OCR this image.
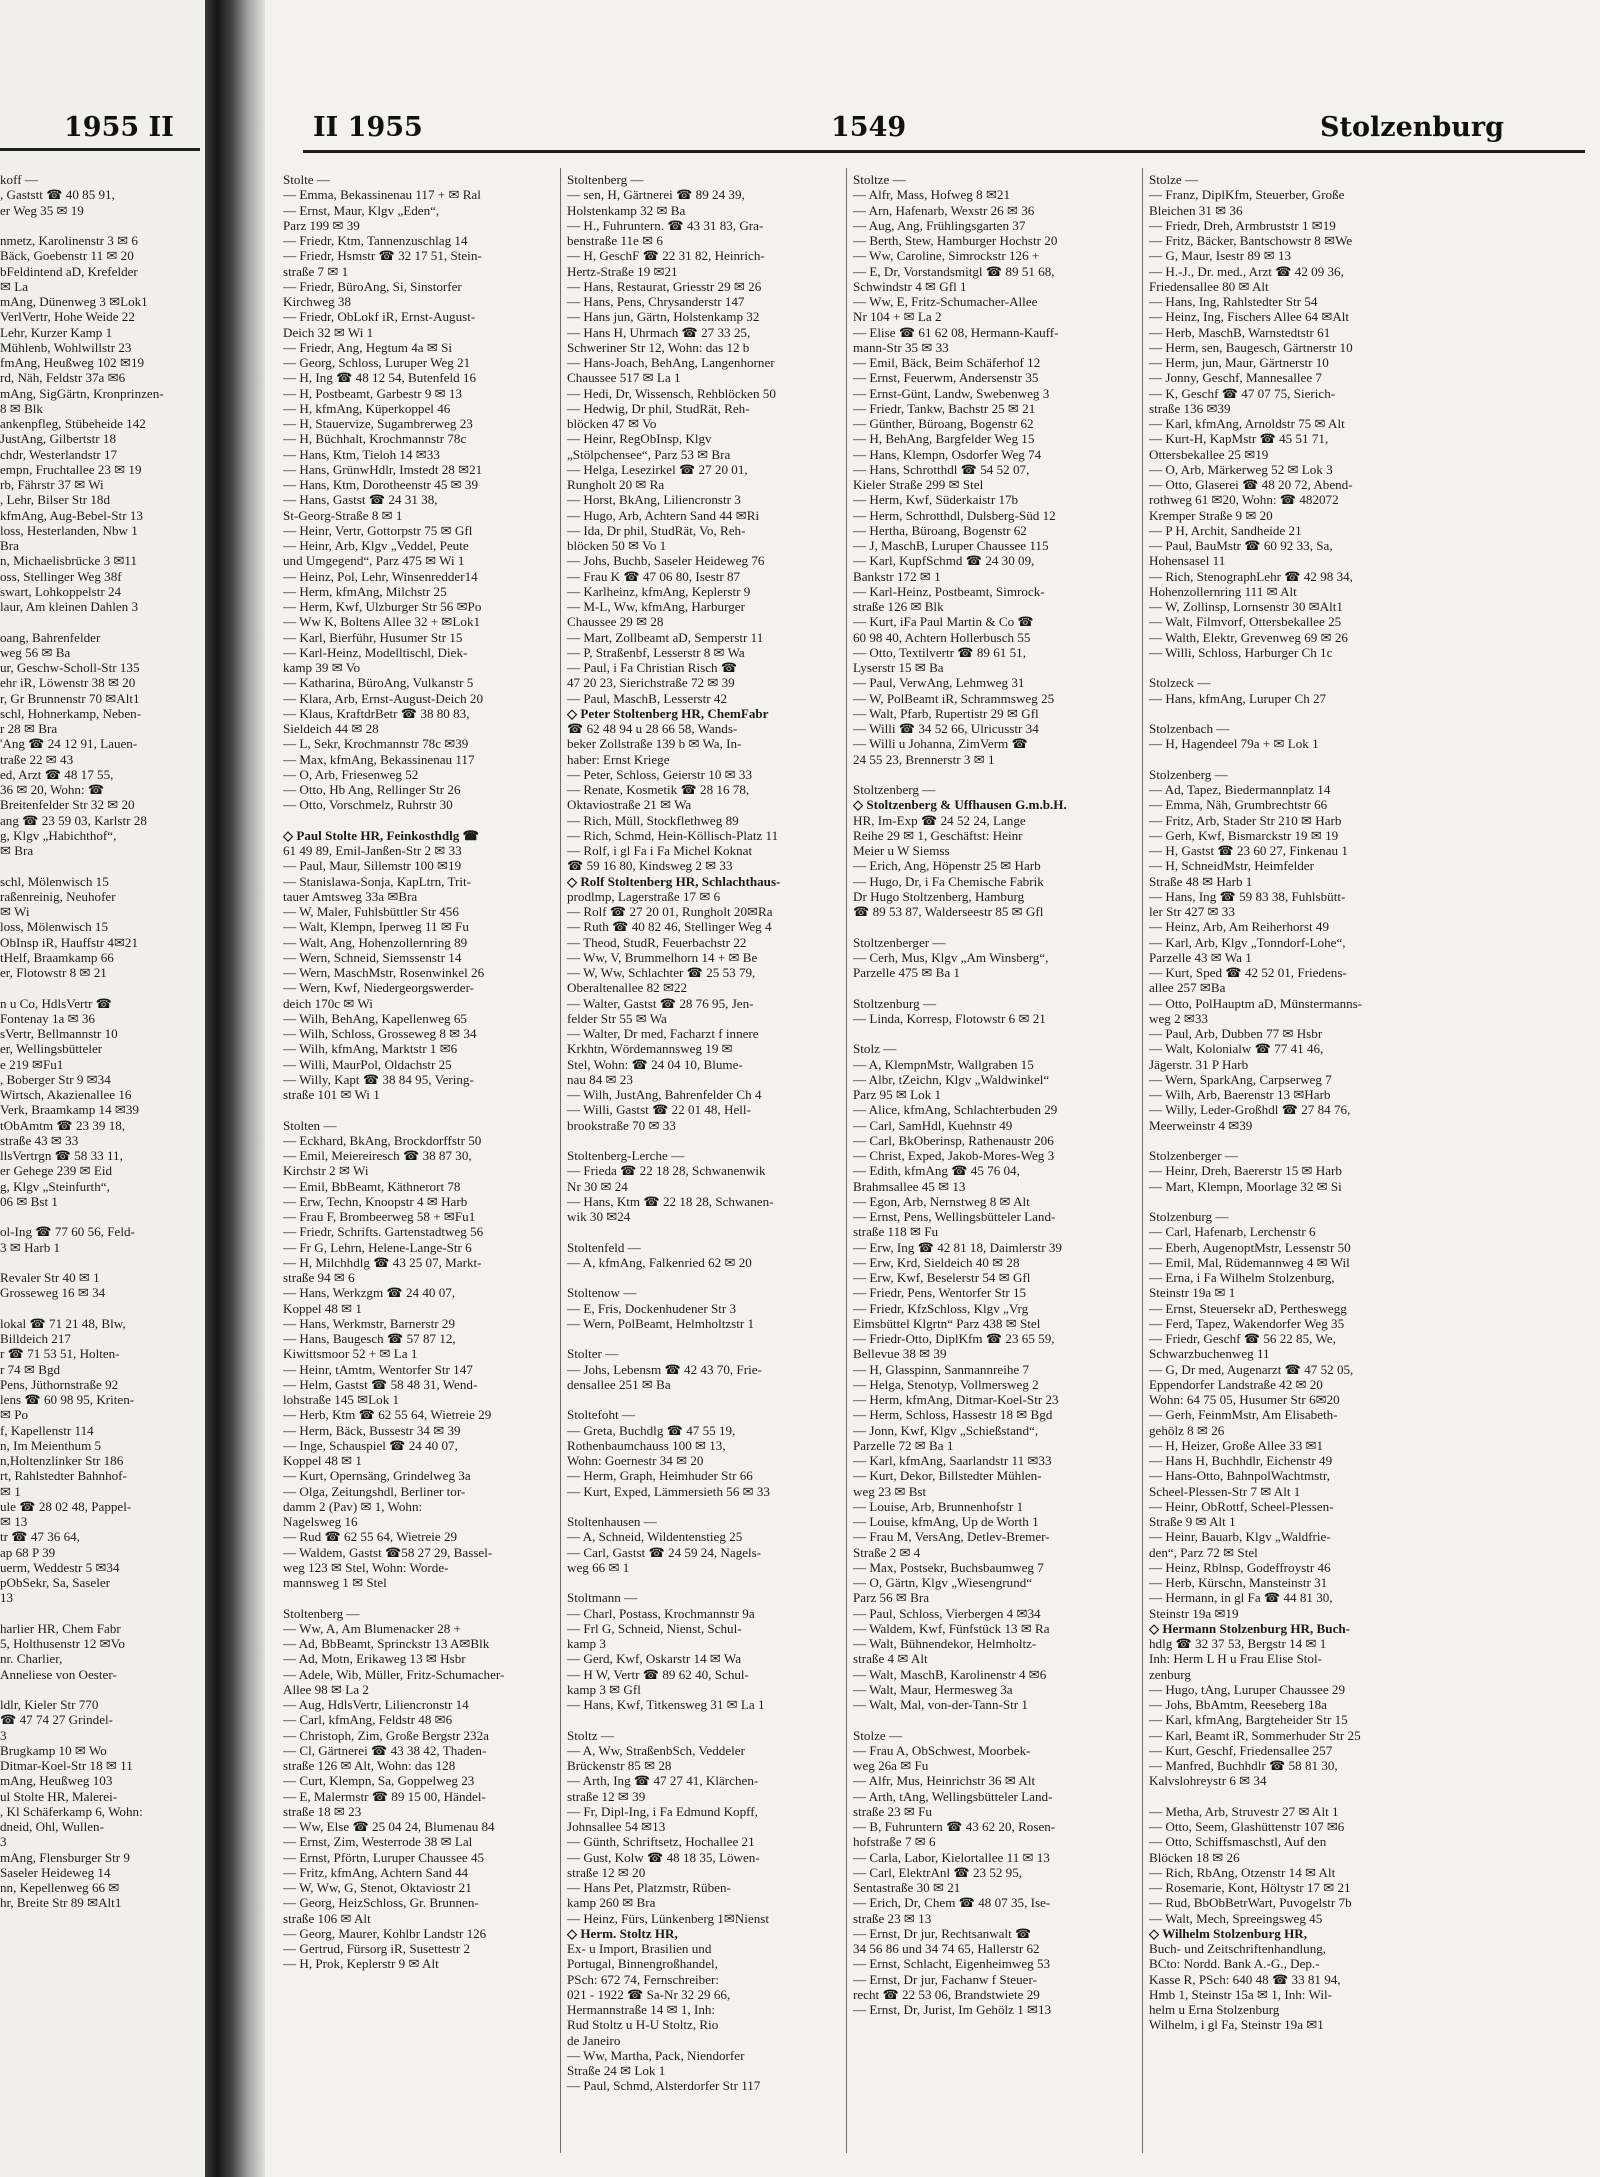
1955 II
koff —
, Gaststt ☎ 40 85 91,
er Weg 35 ✉ 19

nmetz, Karolinenstr 3 ✉ 6
Bäck, Goebenstr 11 ✉ 20
bFeldintend aD, Krefelder
✉ La
mAng, Dünenweg 3 ✉Lok1
VerlVertr, Hohe Weide 22
Lehr, Kurzer Kamp 1
Mühlenb, Wohlwillstr 23
fmAng, Heußweg 102 ✉19
rd, Näh, Feldstr 37a ✉6
mAng, SigGärtn, Kronprinzen-
8 ✉ Blk
ankenpfleg, Stübeheide 142
JustAng, Gilbertstr 18
chdr, Westerlandstr 17
empn, Fruchtallee 23 ✉ 19
rb, Fährstr 37 ✉ Wi
, Lehr, Bilser Str 18d
kfmAng, Aug-Bebel-Str 13
loss, Hesterlanden, Nbw 1
Bra
n, Michaelisbrücke 3 ✉11
oss, Stellinger Weg 38f
swart, Lohkoppelstr 24
laur, Am kleinen Dahlen 3

oang, Bahrenfelder
weg 56 ✉ Ba
ur, Geschw-Scholl-Str 135
ehr iR, Löwenstr 38 ✉ 20
r, Gr Brunnenstr 70 ✉Alt1
schl, Hohnerkamp, Neben-
r 28 ✉ Bra
'Ang ☎ 24 12 91, Lauen-
traße 22 ✉ 43
ed, Arzt ☎ 48 17 55,
36 ✉ 20, Wohn: ☎
Breitenfelder Str 32 ✉ 20
ang ☎ 23 59 03, Karlstr 28
g, Klgv „Habichthof“,
✉ Bra

schl, Mölenwisch 15
raßenreinig, Neuhofer
✉ Wi
loss, Mölenwisch 15
ObInsp iR, Hauffstr 4✉21
tHelf, Braamkamp 66
er, Flotowstr 8 ✉ 21

n u Co, HdlsVertr ☎
Fontenay 1a ✉ 36
sVertr, Bellmannstr 10
er, Wellingsbütteler
e 219 ✉Fu1
, Boberger Str 9 ✉34
Wirtsch, Akazienallee 16
Verk, Braamkamp 14 ✉39
tObAmtm ☎ 23 39 18,
straße 43 ✉ 33
llsVertrgn ☎ 58 33 11,
er Gehege 239 ✉ Eid
g, Klgv „Steinfurth“,
06 ✉ Bst 1

ol-Ing ☎ 77 60 56, Feld-
3 ✉ Harb 1

Revaler Str 40 ✉ 1
Grosseweg 16 ✉ 34

lokal ☎ 71 21 48, Blw,
Billdeich 217
r ☎ 71 53 51, Holten-
r 74 ✉ Bgd
Pens, Jüthornstraße 92
lens ☎ 60 98 95, Kriten-
✉ Po
f, Kapellenstr 114
n, Im Meienthum 5
n,Holtenzlinker Str 186
rt, Rahlstedter Bahnhof-
✉ 1
ule ☎ 28 02 48, Pappel-
✉ 13
tr ☎ 47 36 64,
ap 68 P 39
uerm, Weddestr 5 ✉34
pObSekr, Sa, Saseler
13

harlier HR, Chem Fabr
5, Holthusenstr 12 ✉Vo
nr. Charlier,
Anneliese von Oester-

ldlr, Kieler Str 770
☎ 47 74 27 Grindel-
3
Brugkamp 10 ✉ Wo
Ditmar-Koel-Str 18 ✉ 11
mAng, Heußweg 103
ul Stolte HR, Malerei-
, Kl Schäferkamp 6, Wohn:
dneid, Ohl, Wullen-
3
mAng, Flensburger Str 9
Saseler Heideweg 14
nn, Kepellenweg 66 ✉
hr, Breite Str 89 ✉Alt1
II 1955	1549	Stolzenburg
Stolte —
— Emma, Bekassinenau 117 + ✉ Ral
— Ernst, Maur, Klgv „Eden“,
Parz 199 ✉ 39
— Friedr, Ktm, Tannenzuschlag 14
— Friedr, Hsmstr ☎ 32 17 51, Stein-
straße 7 ✉ 1
— Friedr, BüroAng, Si, Sinstorfer
Kirchweg 38
— Friedr, ObLokf iR, Ernst-August-
Deich 32 ✉ Wi 1
— Friedr, Ang, Hegtum 4a ✉ Si
— Georg, Schloss, Luruper Weg 21
— H, Ing ☎ 48 12 54, Butenfeld 16
— H, Postbeamt, Garbestr 9 ✉ 13
— H, kfmAng, Küperkoppel 46
— H, Stauervize, Sugambrerweg 23
— H, Büchhalt, Krochmannstr 78c
— Hans, Ktm, Tieloh 14 ✉33
— Hans, GrünwHdlr, Imstedt 28 ✉21
— Hans, Ktm, Dorotheenstr 45 ✉ 39
— Hans, Gastst ☎ 24 31 38,
St-Georg-Straße 8 ✉ 1
— Heinr, Vertr, Gottorpstr 75 ✉ Gfl
— Heinr, Arb, Klgv „Veddel, Peute
und Umgegend“, Parz 475 ✉ Wi 1
— Heinz, Pol, Lehr, Winsenredder14
— Herm, kfmAng, Milchstr 25
— Herm, Kwf, Ulzburger Str 56 ✉Po
— Ww K, Boltens Allee 32 + ✉Lok1
— Karl, Bierführ, Husumer Str 15
— Karl-Heinz, Modelltischl, Diek-
kamp 39 ✉ Vo
— Katharina, BüroAng, Vulkanstr 5
— Klara, Arb, Ernst-August-Deich 20
— Klaus, KraftdrBetr ☎ 38 80 83,
Sieldeich 44 ✉ 28
— L, Sekr, Krochmannstr 78c ✉39
— Max, kfmAng, Bekassinenau 117
— O, Arb, Friesenweg 52
— Otto, Hb Ang, Rellinger Str 26
— Otto, Vorschmelz, Ruhrstr 30

◇ Paul Stolte HR, Feinkosthdlg ☎
61 49 89, Emil-Janßen-Str 2 ✉ 33
— Paul, Maur, Sillemstr 100 ✉19
— Stanislawa-Sonja, KapLtrn, Trit-
tauer Amtsweg 33a ✉Bra
— W, Maler, Fuhlsbüttler Str 456
— Walt, Klempn, Iperweg 11 ✉ Fu
— Walt, Ang, Hohenzollernring 89
— Wern, Schneid, Siemssenstr 14
— Wern, MaschMstr, Rosenwinkel 26
— Wern, Kwf, Niedergeorgswerder-
deich 170c ✉ Wi
— Wilh, BehAng, Kapellenweg 65
— Wilh, Schloss, Grosseweg 8 ✉ 34
— Wilh, kfmAng, Marktstr 1 ✉6
— Willi, MaurPol, Oldachstr 25
— Willy, Kapt ☎ 38 84 95, Vering-
straße 101 ✉ Wi 1

Stolten —
— Eckhard, BkAng, Brockdorffstr 50
— Emil, Meiereiresch ☎ 38 87 30,
Kirchstr 2 ✉ Wi
— Emil, BbBeamt, Käthnerort 78
— Erw, Techn, Knoopstr 4 ✉ Harb
— Frau F, Brombeerweg 58 + ✉Fu1
— Friedr, Schrifts. Gartenstadtweg 56
— Fr G, Lehrn, Helene-Lange-Str 6
— H, Milchhdlg ☎ 43 25 07, Markt-
straße 94 ✉ 6
— Hans, Werkzgm ☎ 24 40 07,
Koppel 48 ✉ 1
— Hans, Werkmstr, Barnerstr 29
— Hans, Baugesch ☎ 57 87 12,
Kiwittsmoor 52 + ✉ La 1
— Heinr, tAmtm, Wentorfer Str 147
— Helm, Gastst ☎ 58 48 31, Wend-
lohstraße 145 ✉Lok 1
— Herb, Ktm ☎ 62 55 64, Wietreie 29
— Herm, Bäck, Bussestr 34 ✉ 39
— Inge, Schauspiel ☎ 24 40 07,
Koppel 48 ✉ 1
— Kurt, Opernsäng, Grindelweg 3a
— Olga, Zeitungshdl, Berliner tor-
damm 2 (Pav) ✉ 1, Wohn:
Nagelsweg 16
— Rud ☎ 62 55 64, Wietreie 29
— Waldem, Gastst ☎58 27 29, Bassel-
weg 123 ✉ Stel, Wohn: Worde-
mannsweg 1 ✉ Stel

Stoltenberg —
— Ww, A, Am Blumenacker 28 +
— Ad, BbBeamt, Sprinckstr 13 A✉Blk
— Ad, Motn, Erikaweg 13 ✉ Hsbr
— Adele, Wib, Müller, Fritz-Schumacher-
Allee 98 ✉ La 2
— Aug, HdlsVertr, Liliencronstr 14
— Carl, kfmAng, Feldstr 48 ✉6
— Christoph, Zim, Große Bergstr 232a
— Cl, Gärtnerei ☎ 43 38 42, Thaden-
straße 126 ✉ Alt, Wohn: das 128
— Curt, Klempn, Sa, Goppelweg 23
— E, Malermstr ☎ 89 15 00, Händel-
straße 18 ✉ 23
— Ww, Else ☎ 25 04 24, Blumenau 84
— Ernst, Zim, Westerrode 38 ✉ Lal
— Ernst, Pförtn, Luruper Chaussee 45
— Fritz, kfmAng, Achtern Sand 44
— W, Ww, G, Stenot, Oktaviostr 21
— Georg, HeizSchloss, Gr. Brunnen-
straße 106 ✉ Alt
— Georg, Maurer, Kohlbr Landstr 126
— Gertrud, Fürsorg iR, Susettestr 2
— H, Prok, Keplerstr 9 ✉ Alt
Stoltenberg —
— sen, H, Gärtnerei ☎ 89 24 39,
Holstenkamp 32 ✉ Ba
— H., Fuhruntern. ☎ 43 31 83, Gra-
benstraße 11e ✉ 6
— H, GeschF ☎ 22 31 82, Heinrich-
Hertz-Straße 19 ✉21
— Hans, Restaurat, Griesstr 29 ✉ 26
— Hans, Pens, Chrysanderstr 147
— Hans jun, Gärtn, Holstenkamp 32
— Hans H, Uhrmach ☎ 27 33 25,
Schweriner Str 12, Wohn: das 12 b
— Hans-Joach, BehAng, Langenhorner
Chaussee 517 ✉ La 1
— Hedi, Dr, Wissensch, Rehblöcken 50
— Hedwig, Dr phil, StudRät, Reh-
blöcken 47 ✉ Vo
— Heinr, RegObInsp, Klgv
„Stölpchensee“, Parz 53 ✉ Bra
— Helga, Lesezirkel ☎ 27 20 01,
Rungholt 20 ✉ Ra
— Horst, BkAng, Liliencronstr 3
— Hugo, Arb, Achtern Sand 44 ✉Ri
— Ida, Dr phil, StudRät, Vo, Reh-
blöcken 50 ✉ Vo 1
— Johs, Buchb, Saseler Heideweg 76
— Frau K ☎ 47 06 80, Isestr 87
— Karlheinz, kfmAng, Keplerstr 9
— M-L, Ww, kfmAng, Harburger
Chaussee 29 ✉ 28
— Mart, Zollbeamt aD, Semperstr 11
— P, Straßenbf, Lesserstr 8 ✉ Wa
— Paul, i Fa Christian Risch ☎
47 20 23, Sierichstraße 72 ✉ 39
— Paul, MaschB, Lesserstr 42
◇ Peter Stoltenberg HR, ChemFabr
☎ 62 48 94 u 28 66 58, Wands-
beker Zollstraße 139 b ✉ Wa, In-
haber: Ernst Kriege
— Peter, Schloss, Geierstr 10 ✉ 33
— Renate, Kosmetik ☎ 28 16 78,
Oktaviostraße 21 ✉ Wa
— Rich, Müll, Stockflethweg 89
— Rich, Schmd, Hein-Köllisch-Platz 11
— Rolf, i gl Fa i Fa Michel Koknat
☎ 59 16 80, Kindsweg 2 ✉ 33
◇ Rolf Stoltenberg HR, Schlachthaus-
prodlmp, Lagerstraße 17 ✉ 6
— Rolf ☎ 27 20 01, Rungholt 20✉Ra
— Ruth ☎ 40 82 46, Stellinger Weg 4
— Theod, StudR, Feuerbachstr 22
— Ww, V, Brummelhorn 14 + ✉ Be
— W, Ww, Schlachter ☎ 25 53 79,
Oberaltenallee 82 ✉22
— Walter, Gastst ☎ 28 76 95, Jen-
felder Str 55 ✉ Wa
— Walter, Dr med, Facharzt f innere
Krkhtn, Wördemannsweg 19 ✉
Stel, Wohn: ☎ 24 04 10, Blume-
nau 84 ✉ 23
— Wilh, JustAng, Bahrenfelder Ch 4
— Willi, Gastst ☎ 22 01 48, Hell-
brookstraße 70 ✉ 33

Stoltenberg-Lerche —
— Frieda ☎ 22 18 28, Schwanenwik
Nr 30 ✉ 24
— Hans, Ktm ☎ 22 18 28, Schwanen-
wik 30 ✉24

Stoltenfeld —
— A, kfmAng, Falkenried 62 ✉ 20

Stoltenow —
— E, Fris, Dockenhudener Str 3
— Wern, PolBeamt, Helmholtzstr 1

Stolter —
— Johs, Lebensm ☎ 42 43 70, Frie-
densallee 251 ✉ Ba

Stoltefoht —
— Greta, Buchdlg ☎ 47 55 19,
Rothenbaumchauss 100 ✉ 13,
Wohn: Goernestr 34 ✉ 20
— Herm, Graph, Heimhuder Str 66
— Kurt, Exped, Lämmersieth 56 ✉ 33

Stoltenhausen —
— A, Schneid, Wildentenstieg 25
— Carl, Gastst ☎ 24 59 24, Nagels-
weg 66 ✉ 1

Stoltmann —
— Charl, Postass, Krochmannstr 9a
— Frl G, Schneid, Nienst, Schul-
kamp 3
— Gerd, Kwf, Oskarstr 14 ✉ Wa
— H W, Vertr ☎ 89 62 40, Schul-
kamp 3 ✉ Gfl
— Hans, Kwf, Titkensweg 31 ✉ La 1

Stoltz —
— A, Ww, StraßenbSch, Veddeler
Brückenstr 85 ✉ 28
— Arth, Ing ☎ 47 27 41, Klärchen-
straße 12 ✉ 39
— Fr, Dipl-Ing, i Fa Edmund Kopff,
Johnsallee 54 ✉13
— Günth, Schriftsetz, Hochallee 21
— Gust, Kolw ☎ 48 18 35, Löwen-
straße 12 ✉ 20
— Hans Pet, Platzmstr, Rüben-
kamp 260 ✉ Bra
— Heinz, Fürs, Lünkenberg 1✉Nienst
◇ Herm. Stoltz HR,
Ex- u Import, Brasilien und
Portugal, Binnengroßhandel,
PSch: 672 74, Fernschreiber:
021 - 1922 ☎ Sa-Nr 32 29 66,
Hermannstraße 14 ✉ 1, Inh:
Rud Stoltz u H-U Stoltz, Rio
de Janeiro
— Ww, Martha, Pack, Niendorfer
Straße 24 ✉ Lok 1
— Paul, Schmd, Alsterdorfer Str 117
Stoltze —
— Alfr, Mass, Hofweg 8 ✉21
— Arn, Hafenarb, Wexstr 26 ✉ 36
— Aug, Ang, Frühlingsgarten 37
— Berth, Stew, Hamburger Hochstr 20
— Ww, Caroline, Simrockstr 126 +
— E, Dr, Vorstandsmitgl ☎ 89 51 68,
Schwindstr 4 ✉ Gfl 1
— Ww, E, Fritz-Schumacher-Allee
Nr 104 + ✉ La 2
— Elise ☎ 61 62 08, Hermann-Kauff-
mann-Str 35 ✉ 33
— Emil, Bäck, Beim Schäferhof 12
— Ernst, Feuerwm, Andersenstr 35
— Ernst-Günt, Landw, Swebenweg 3
— Friedr, Tankw, Bachstr 25 ✉ 21
— Günther, Büroang, Bogenstr 62
— H, BehAng, Bargfelder Weg 15
— Hans, Klempn, Osdorfer Weg 74
— Hans, Schrotthdl ☎ 54 52 07,
Kieler Straße 299 ✉ Stel
— Herm, Kwf, Süderkaistr 17b
— Herm, Schrotthdl, Dulsberg-Süd 12
— Hertha, Büroang, Bogenstr 62
— J, MaschB, Luruper Chaussee 115
— Karl, KupfSchmd ☎ 24 30 09,
Bankstr 172 ✉ 1
— Karl-Heinz, Postbeamt, Simrock-
straße 126 ✉ Blk
— Kurt, iFa Paul Martin & Co ☎
60 98 40, Achtern Hollerbusch 55
— Otto, Textilvertr ☎ 89 61 51,
Lyserstr 15 ✉ Ba
— Paul, VerwAng, Lehmweg 31
— W, PolBeamt iR, Schrammsweg 25
— Walt, Pfarb, Rupertistr 29 ✉ Gfl
— Willi ☎ 34 52 66, Ulricusstr 34
— Willi u Johanna, ZimVerm ☎
24 55 23, Brennerstr 3 ✉ 1

Stoltzenberg —
◇ Stoltzenberg & Uffhausen G.m.b.H.
HR, Im-Exp ☎ 24 52 24, Lange
Reihe 29 ✉ 1, Geschäftst: Heinr
Meier u W Siemss
— Erich, Ang, Höpenstr 25 ✉ Harb
— Hugo, Dr, i Fa Chemische Fabrik
Dr Hugo Stoltzenberg, Hamburg
☎ 89 53 87, Walderseestr 85 ✉ Gfl

Stoltzenberger —
— Cerh, Mus, Klgv „Am Winsberg“,
Parzelle 475 ✉ Ba 1

Stoltzenburg —
— Linda, Korresp, Flotowstr 6 ✉ 21

Stolz —
— A, KlempnMstr, Wallgraben 15
— Albr, tZeichn, Klgv „Waldwinkel“
Parz 95 ✉ Lok 1
— Alice, kfmAng, Schlachterbuden 29
— Carl, SamHdl, Kuehnstr 49
— Carl, BkOberinsp, Rathenaustr 206
— Christ, Exped, Jakob-Mores-Weg 3
— Edith, kfmAng ☎ 45 76 04,
Brahmsallee 45 ✉ 13
— Egon, Arb, Nernstweg 8 ✉ Alt
— Ernst, Pens, Wellingsbütteler Land-
straße 118 ✉ Fu
— Erw, Ing ☎ 42 81 18, Daimlerstr 39
— Erw, Krd, Sieldeich 40 ✉ 28
— Erw, Kwf, Beselerstr 54 ✉ Gfl
— Friedr, Pens, Wentorfer Str 15
— Friedr, KfzSchloss, Klgv „Vrg
Eimsbüttel Klgrtn“ Parz 438 ✉ Stel
— Friedr-Otto, DiplKfm ☎ 23 65 59,
Bellevue 38 ✉ 39
— H, Glasspinn, Sanmannreihe 7
— Helga, Stenotyp, Vollmersweg 2
— Herm, kfmAng, Ditmar-Koel-Str 23
— Herm, Schloss, Hassestr 18 ✉ Bgd
— Jonn, Kwf, Klgv „Schießstand“,
Parzelle 72 ✉ Ba 1
— Karl, kfmAng, Saarlandstr 11 ✉33
— Kurt, Dekor, Billstedter Mühlen-
weg 23 ✉ Bst
— Louise, Arb, Brunnenhofstr 1
— Louise, kfmAng, Up de Worth 1
— Frau M, VersAng, Detlev-Bremer-
Straße 2 ✉ 4
— Max, Postsekr, Buchsbaumweg 7
— O, Gärtn, Klgv „Wiesengrund“
Parz 56 ✉ Bra
— Paul, Schloss, Vierbergen 4 ✉34
— Waldem, Kwf, Fünfstück 13 ✉ Ra
— Walt, Bühnendekor, Helmholtz-
straße 4 ✉ Alt
— Walt, MaschB, Karolinenstr 4 ✉6
— Walt, Maur, Hermesweg 3a
— Walt, Mal, von-der-Tann-Str 1

Stolze —
— Frau A, ObSchwest, Moorbek-
weg 26a ✉ Fu
— Alfr, Mus, Heinrichstr 36 ✉ Alt
— Arth, tAng, Wellingsbütteler Land-
straße 23 ✉ Fu
— B, Fuhruntern ☎ 43 62 20, Rosen-
hofstraße 7 ✉ 6
— Carla, Labor, Kielortallee 11 ✉ 13
— Carl, ElektrAnl ☎ 23 52 95,
Sentastraße 30 ✉ 21
— Erich, Dr, Chem ☎ 48 07 35, Ise-
straße 23 ✉ 13
— Ernst, Dr jur, Rechtsanwalt ☎
34 56 86 und 34 74 65, Hallerstr 62
— Ernst, Schlacht, Eigenheimweg 53
— Ernst, Dr jur, Fachanw f Steuer-
recht ☎ 22 53 06, Brandstwiete 29
— Ernst, Dr, Jurist, Im Gehölz 1 ✉13
Stolze —
— Franz, DiplKfm, Steuerber, Große
Bleichen 31 ✉ 36
— Friedr, Dreh, Armbruststr 1 ✉19
— Fritz, Bäcker, Bantschowstr 8 ✉We
— G, Maur, Isestr 89 ✉ 13
— H.-J., Dr. med., Arzt ☎ 42 09 36,
Friedensallee 80 ✉ Alt
— Hans, Ing, Rahlstedter Str 54
— Heinz, Ing, Fischers Allee 64 ✉Alt
— Herb, MaschB, Warnstedtstr 61
— Herm, sen, Baugesch, Gärtnerstr 10
— Herm, jun, Maur, Gärtnerstr 10
— Jonny, Geschf, Mannesallee 7
— K, Geschf ☎ 47 07 75, Sierich-
straße 136 ✉39
— Karl, kfmAng, Arnoldstr 75 ✉ Alt
— Kurt-H, KapMstr ☎ 45 51 71,
Ottersbekallee 25 ✉19
— O, Arb, Märkerweg 52 ✉ Lok 3
— Otto, Glaserei ☎ 48 20 72, Abend-
rothweg 61 ✉20, Wohn: ☎ 482072
Kremper Straße 9 ✉ 20
— P H, Archit, Sandheide 21
— Paul, BauMstr ☎ 60 92 33, Sa,
Hohensasel 11
— Rich, StenographLehr ☎ 42 98 34,
Hohenzollernring 111 ✉ Alt
— W, Zollinsp, Lornsenstr 30 ✉Alt1
— Walt, Filmvorf, Ottersbekallee 25
— Walth, Elektr, Grevenweg 69 ✉ 26
— Willi, Schloss, Harburger Ch 1c

Stolzeck —
— Hans, kfmAng, Luruper Ch 27

Stolzenbach —
— H, Hagendeel 79a + ✉ Lok 1

Stolzenberg —
— Ad, Tapez, Biedermannplatz 14
— Emma, Näh, Grumbrechtstr 66
— Fritz, Arb, Stader Str 210 ✉ Harb
— Gerh, Kwf, Bismarckstr 19 ✉ 19
— H, Gastst ☎ 23 60 27, Finkenau 1
— H, SchneidMstr, Heimfelder
Straße 48 ✉ Harb 1
— Hans, Ing ☎ 59 83 38, Fuhlsbütt-
ler Str 427 ✉ 33
— Heinz, Arb, Am Reiherhorst 49
— Karl, Arb, Klgv „Tonndorf-Lohe“,
Parzelle 43 ✉ Wa 1
— Kurt, Sped ☎ 42 52 01, Friedens-
allee 257 ✉Ba
— Otto, PolHauptm aD, Münstermanns-
weg 2 ✉33
— Paul, Arb, Dubben 77 ✉ Hsbr
— Walt, Kolonialw ☎ 77 41 46,
Jägerstr. 31 P Harb
— Wern, SparkAng, Carpserweg 7
— Wilh, Arb, Baerenstr 13 ✉Harb
— Willy, Leder-Großhdl ☎ 27 84 76,
Meerweinstr 4 ✉39

Stolzenberger —
— Heinr, Dreh, Baererstr 15 ✉ Harb
— Mart, Klempn, Moorlage 32 ✉ Si

Stolzenburg —
— Carl, Hafenarb, Lerchenstr 6
— Eberh, AugenoptMstr, Lessenstr 50
— Emil, Mal, Rüdemannweg 4 ✉ Wil
— Erna, i Fa Wilhelm Stolzenburg,
Steinstr 19a ✉ 1
— Ernst, Steuersekr aD, Pertheswegg
— Ferd, Tapez, Wakendorfer Weg 35
— Friedr, Geschf ☎ 56 22 85, We,
Schwarzbuchenweg 11
— G, Dr med, Augenarzt ☎ 47 52 05,
Eppendorfer Landstraße 42 ✉ 20
Wohn: 64 75 05, Husumer Str 6✉20
— Gerh, FeinmMstr, Am Elisabeth-
gehölz 8 ✉ 26
— H, Heizer, Große Allee 33 ✉1
— Hans H, Buchhdlr, Eichenstr 49
— Hans-Otto, BahnpolWachtmstr,
Scheel-Plessen-Str 7 ✉ Alt 1
— Heinr, ObRottf, Scheel-Plessen-
Straße 9 ✉ Alt 1
— Heinr, Bauarb, Klgv „Waldfrie-
den“, Parz 72 ✉ Stel
— Heinz, Rblnsp, Godeffroystr 46
— Herb, Kürschn, Mansteinstr 31
— Hermann, in gl Fa ☎ 44 81 30,
Steinstr 19a ✉19
◇ Hermann Stolzenburg HR, Buch-
hdlg ☎ 32 37 53, Bergstr 14 ✉ 1
Inh: Herm L H u Frau Elise Stol-
zenburg
— Hugo, tAng, Luruper Chaussee 29
— Johs, BbAmtm, Reeseberg 18a
— Karl, kfmAng, Bargteheider Str 15
— Karl, Beamt iR, Sommerhuder Str 25
— Kurt, Geschf, Friedensallee 257
— Manfred, Buchhdlr ☎ 58 81 30,
Kalvslohreystr 6 ✉ 34

— Metha, Arb, Struvestr 27 ✉ Alt 1
— Otto, Seem, Glashüttenstr 107 ✉6
— Otto, Schiffsmaschstl, Auf den
Blöcken 18 ✉ 26
— Rich, RbAng, Otzenstr 14 ✉ Alt
— Rosemarie, Kont, Höltystr 17 ✉ 21
— Rud, BbObBetrWart, Puvogelstr 7b
— Walt, Mech, Spreeingsweg 45
◇ Wilhelm Stolzenburg HR,
Buch- und Zeitschriftenhandlung,
BCto: Nordd. Bank A.-G., Dep.-
Kasse R, PSch: 640 48 ☎ 33 81 94,
Hmb 1, Steinstr 15a ✉ 1, Inh: Wil-
helm u Erna Stolzenburg
Wilhelm, i gl Fa, Steinstr 19a ✉1
